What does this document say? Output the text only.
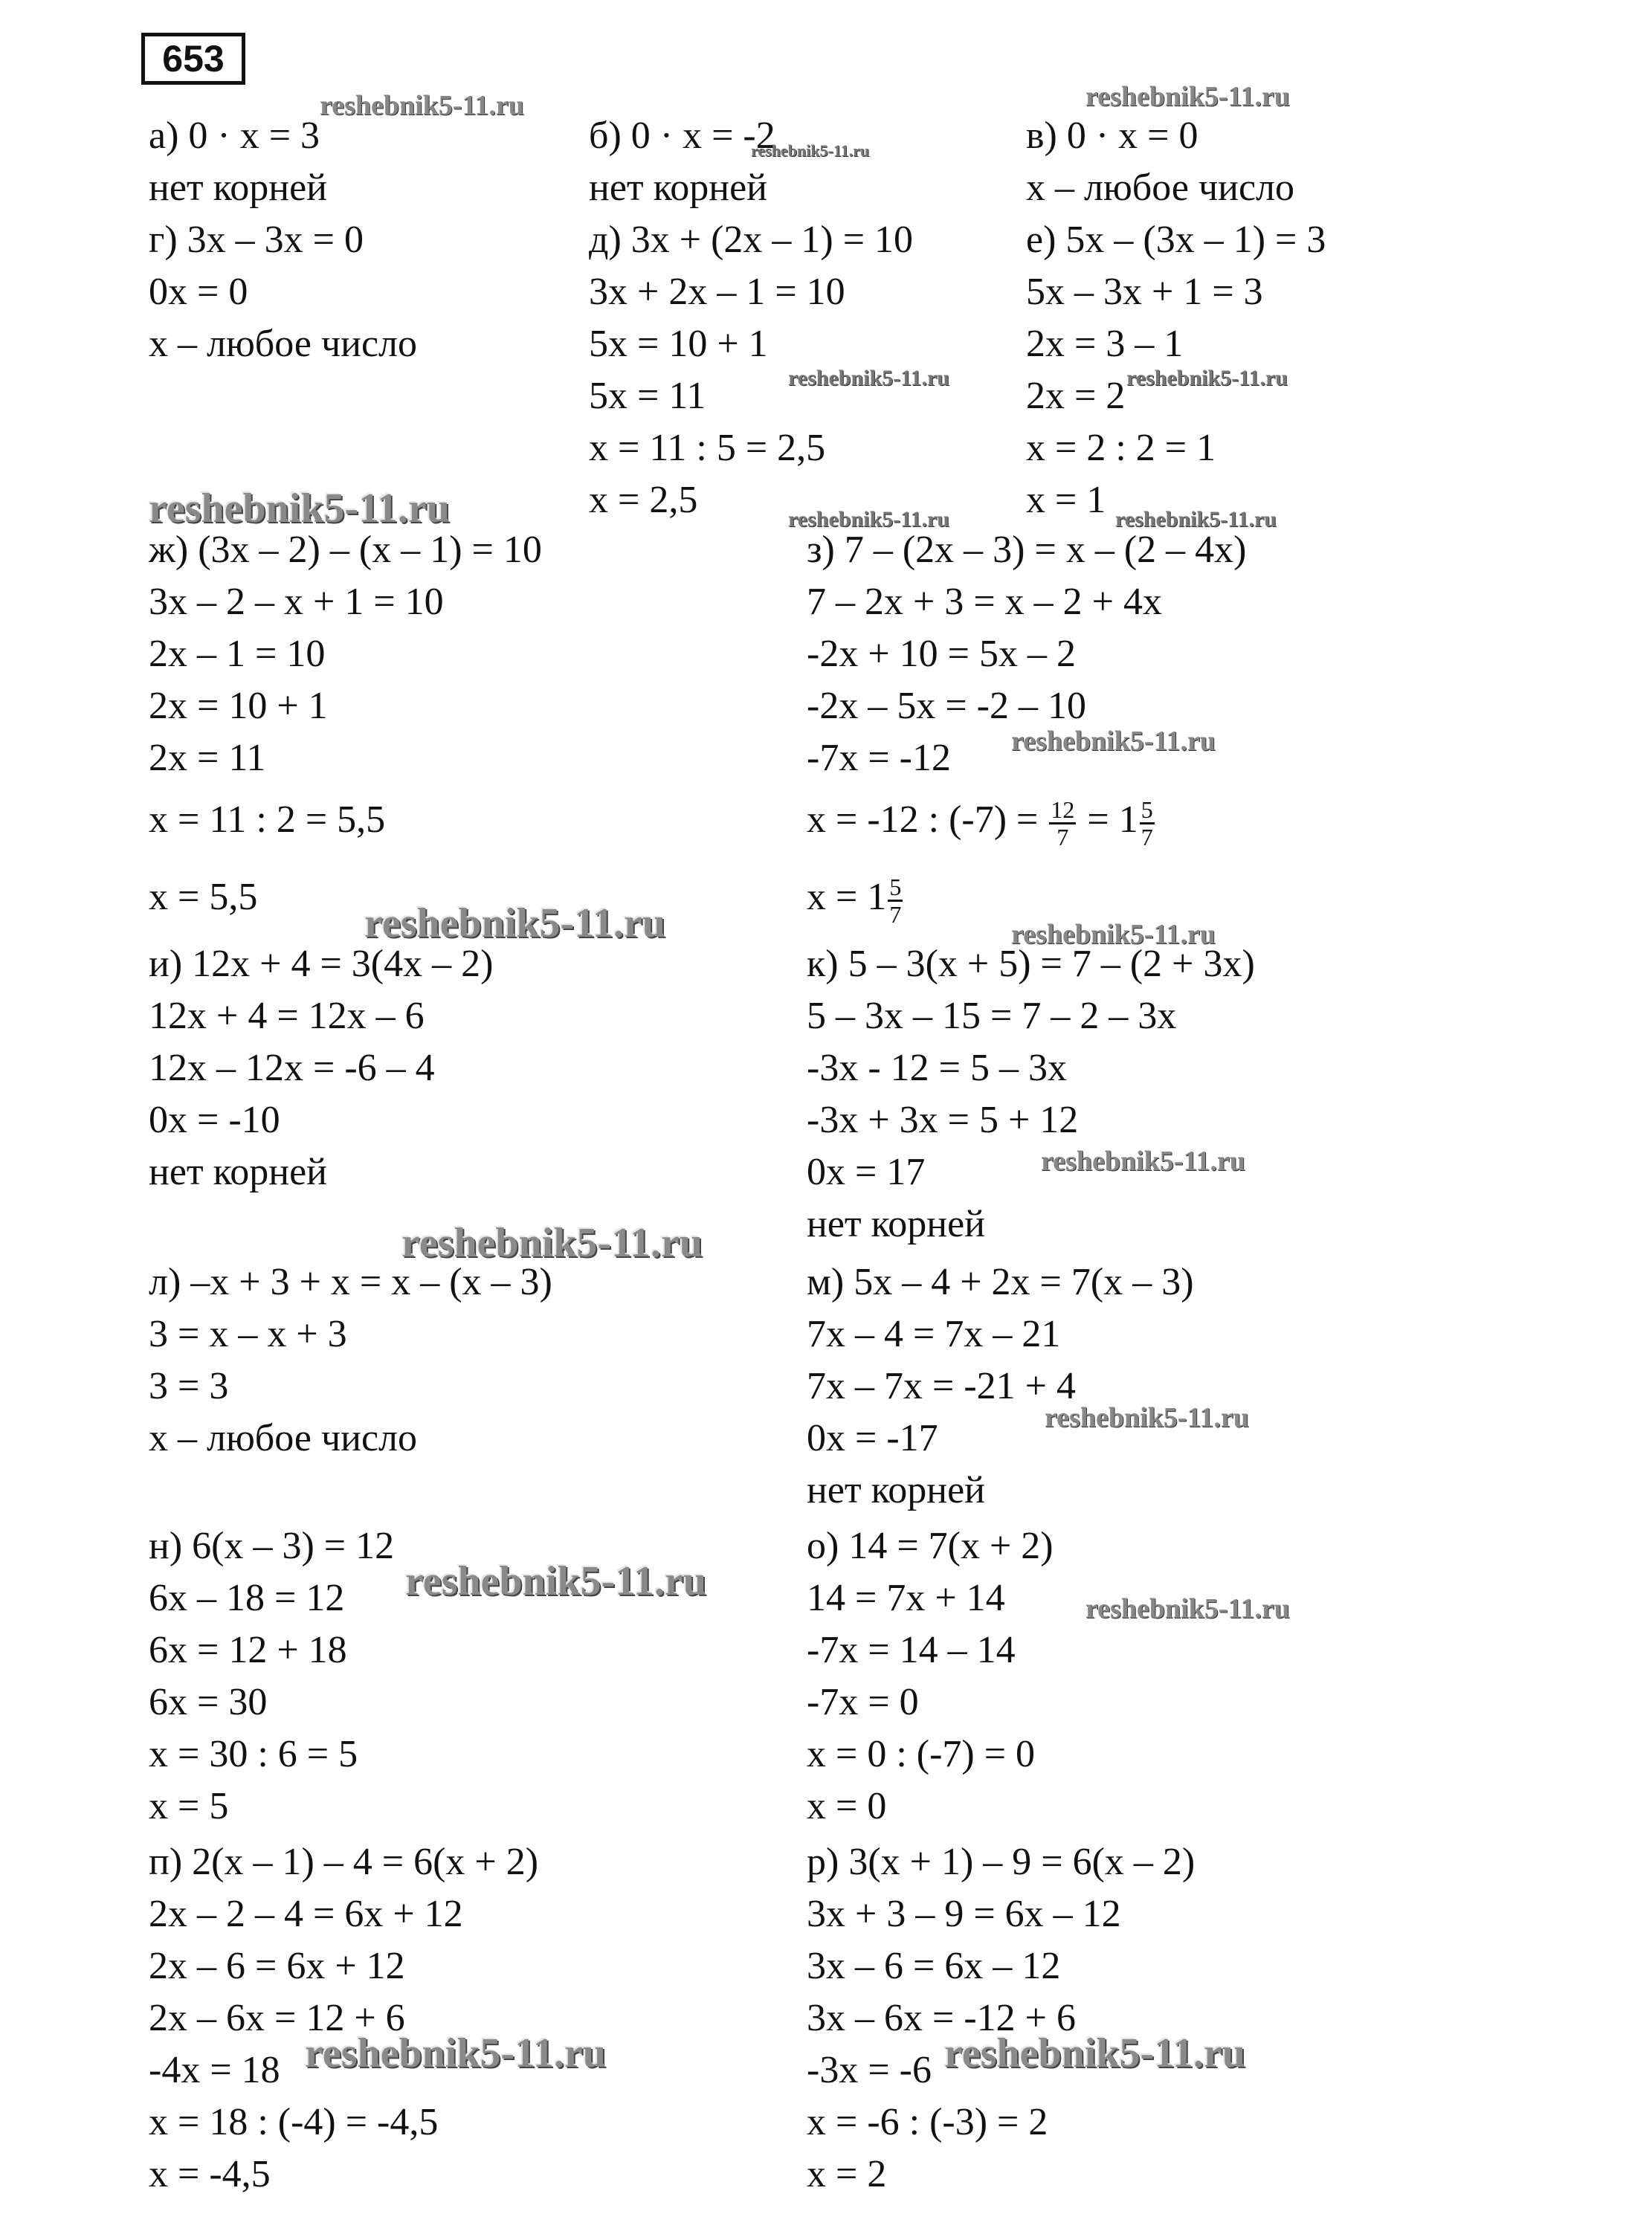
653
а) 0 · x = 3
нет корней
г) 3x – 3x = 0
0x = 0
x – любое число
б) 0 · x = -2
нет корней
д) 3x + (2x – 1) = 10
3x + 2x – 1 = 10
5x = 10 + 1
5x = 11
x = 11 : 5 = 2,5
x = 2,5
в) 0 · x = 0
x – любое число
е) 5x – (3x – 1) = 3
5x – 3x + 1 = 3
2x = 3 – 1
2x = 2
x = 2 : 2 = 1
x = 1
ж) (3x – 2) – (x – 1) = 10
3x – 2 – x + 1 = 10
2x – 1 = 10
2x = 10 + 1
2x = 11
x = 11 : 2 = 5,5
x = 5,5
з) 7 – (2x – 3) = x – (2 – 4x)
7 – 2x + 3 = x – 2 + 4x
-2x + 10 = 5x – 2
-2x – 5x = -2 – 10
-7x = -12
x = -12 : $(-7) = \frac{12}{7} = 1 \frac{5}{7}$
$x = 1 \frac{5}{7}$
и) 12x + 4 = 3(4x – 2)
12x + 4 = 12x – 6
12x – 12x = -6 – 4
0x = -10
нет корней
к) 5 – 3(x + 5) = 7 – (2 + 3x)
5 – 3x – 15 = 7 – 2 – 3x
-3x - 12 = 5 – 3x
-3x + 3x = 5 + 12
0x = 17
нет корней
л) –x + 3 + x = x – (x – 3)
3 = x – x + 3
3 = 3
x – любое число
м) 5x – 4 + 2x = 7(x – 3)
7x – 4 = 7x – 21
7x – 7x = -21 + 4
0x = -17
нет корней
н) 6(x – 3) = 12
6x – 18 = 12
6x = 12 + 18
6x = 30
x = 30 : 6 = 5
x = 5
о) 14 = 7(x + 2)
14 = 7x + 14
-7x = 14 – 14
-7x = 0
x = 0 : (-7) = 0
x = 0
п) 2(x – 1) – 4 = 6(x + 2)
2x – 2 – 4 = 6x + 12
2x – 6 = 6x + 12
2x – 6x = 12 + 6
-4x = 18
x = 18 : (-4) = -4,5
x = -4,5
р) 3(x + 1) – 9 = 6(x – 2)
3x + 3 – 9 = 6x – 12
3x – 6 = 6x – 12
3x – 6x = -12 + 6
-3x = -6
x = -6 : (-3) = 2
x = 2
reshebnik5-11.ru
reshebnik5-11.ru
reshebnik5-11.ru
reshebnik5-11.ru	reshebnik5-11.ru
reshebnik5-11.ru	reshebnik5-11.ru	reshebnik5-11.ru
reshebnik5-11.ru
reshebnik5-11.ru	reshebnik5-11.ru
reshebnik5-11.ru
reshebnik5-11.ru
reshebnik5-11.ru
reshebnik5-11.ru
reshebnik5-11.ru
reshebnik5-11.ru	reshebnik5-11.ru
